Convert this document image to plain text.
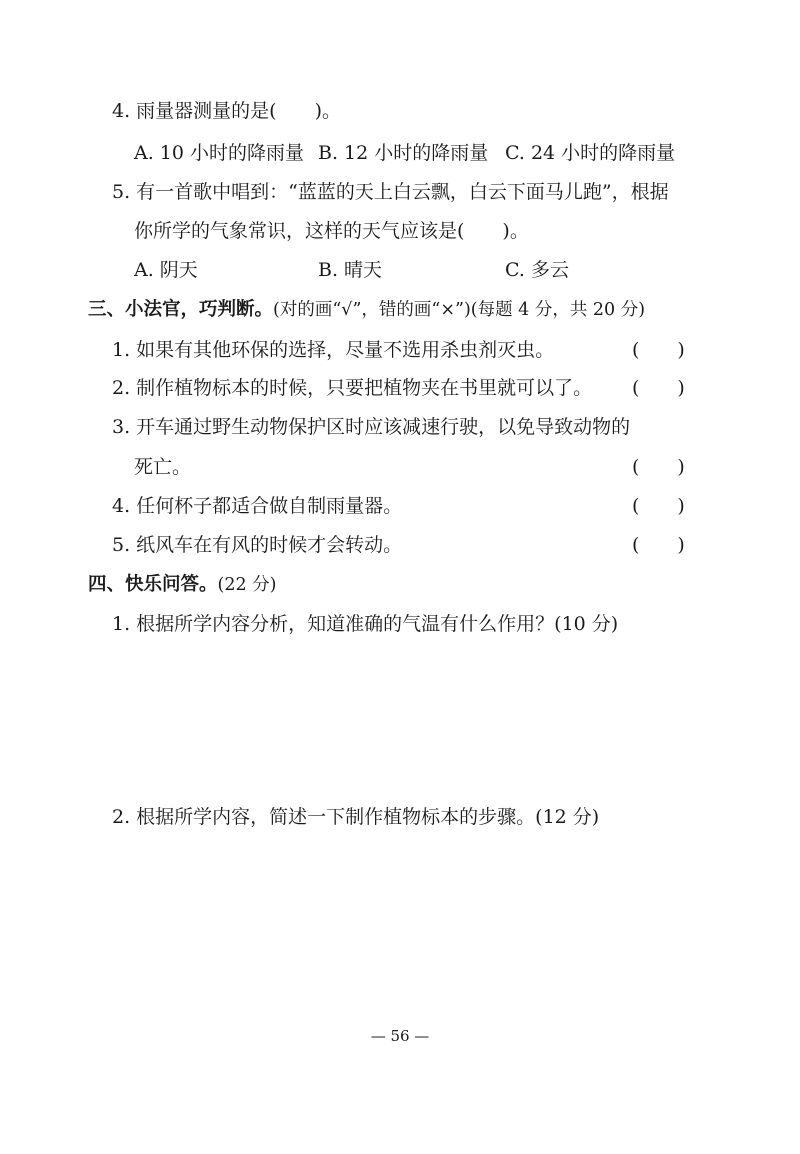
4. 雨量器测量的是(　　)。
A. 10 小时的降雨量 B. 12 小时的降雨量 C. 24 小时的降雨量
5. 有一首歌中唱到：“蓝蓝的天上白云飘，白云下面马儿跑”，根据
你所学的气象常识，这样的天气应该是(　　)。
A. 阴天	B. 晴天	C. 多云
三、小法官，巧判断。(对的画“√”，错的画“×”)(每题 4 分，共 20 分)
1. 如果有其他环保的选择，尽量不选用杀虫剂灭虫。	(　　)
2. 制作植物标本的时候，只要把植物夹在书里就可以了。 (　　)
3. 开车通过野生动物保护区时应该减速行驶，以免导致动物的
死亡。	(　　)
4. 任何杯子都适合做自制雨量器。	(　　)
5. 纸风车在有风的时候才会转动。	(　　)
四、快乐问答。(22 分)
1. 根据所学内容分析，知道准确的气温有什么作用？(10 分)
2. 根据所学内容，简述一下制作植物标本的步骤。(12 分)
— 56 —
